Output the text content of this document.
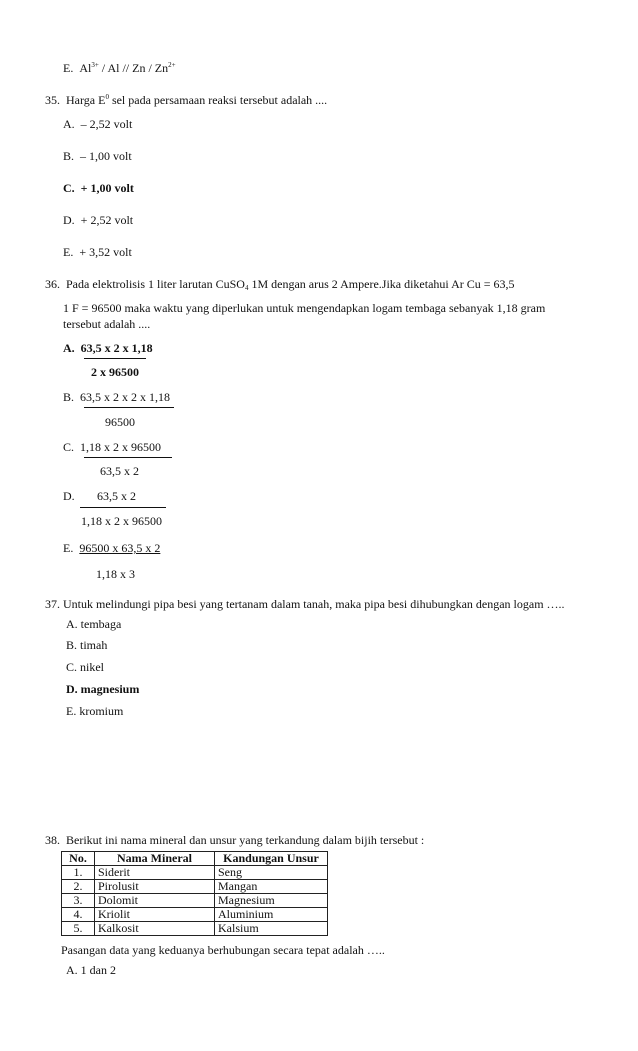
E. $Al^{3+}$ / Al // Zn / $Zn^{2+}$
35. Harga $E^0$ sel pada persamaan reaksi tersebut adalah ....
A. – 2,52 volt
B. – 1,00 volt
C. + 1,00 volt
D. + 2,52 volt
E. + 3,52 volt
36. Pada elektrolisis 1 liter larutan CuSO$_4$ 1M dengan arus 2 Ampere.Jika diketahui Ar Cu = 63,5
1 F = 96500 maka waktu yang diperlukan untuk mengendapkan logam tembaga sebanyak 1,18 gram
tersebut adalah ....
A. 63,5 x 2 x 1,18
2 x 96500
B. 63,5 x 2 x 2 x 1,18
96500
C. 1,18 x 2 x 96500
63,5 x 2
D. 63,5 x 2
1,18 x 2 x 96500
E. 96500 x 63,5 x 2
1,18 x 3
37. Untuk melindungi pipa besi yang tertanam dalam tanah, maka pipa besi dihubungkan dengan logam …..
A. tembaga
B. timah
C. nikel
D. magnesium
E. kromium
38. Berikut ini nama mineral dan unsur yang terkandung dalam bijih tersebut :
No.	Nama Mineral	Kandungan Unsur
1.	Siderit	Seng
2.	Pirolusit	Mangan
3.	Dolomit	Magnesium
4.	Kriolit	Aluminium
5.	Kalkosit	Kalsium
Pasangan data yang keduanya berhubungan secara tepat adalah …..
A. 1 dan 2
